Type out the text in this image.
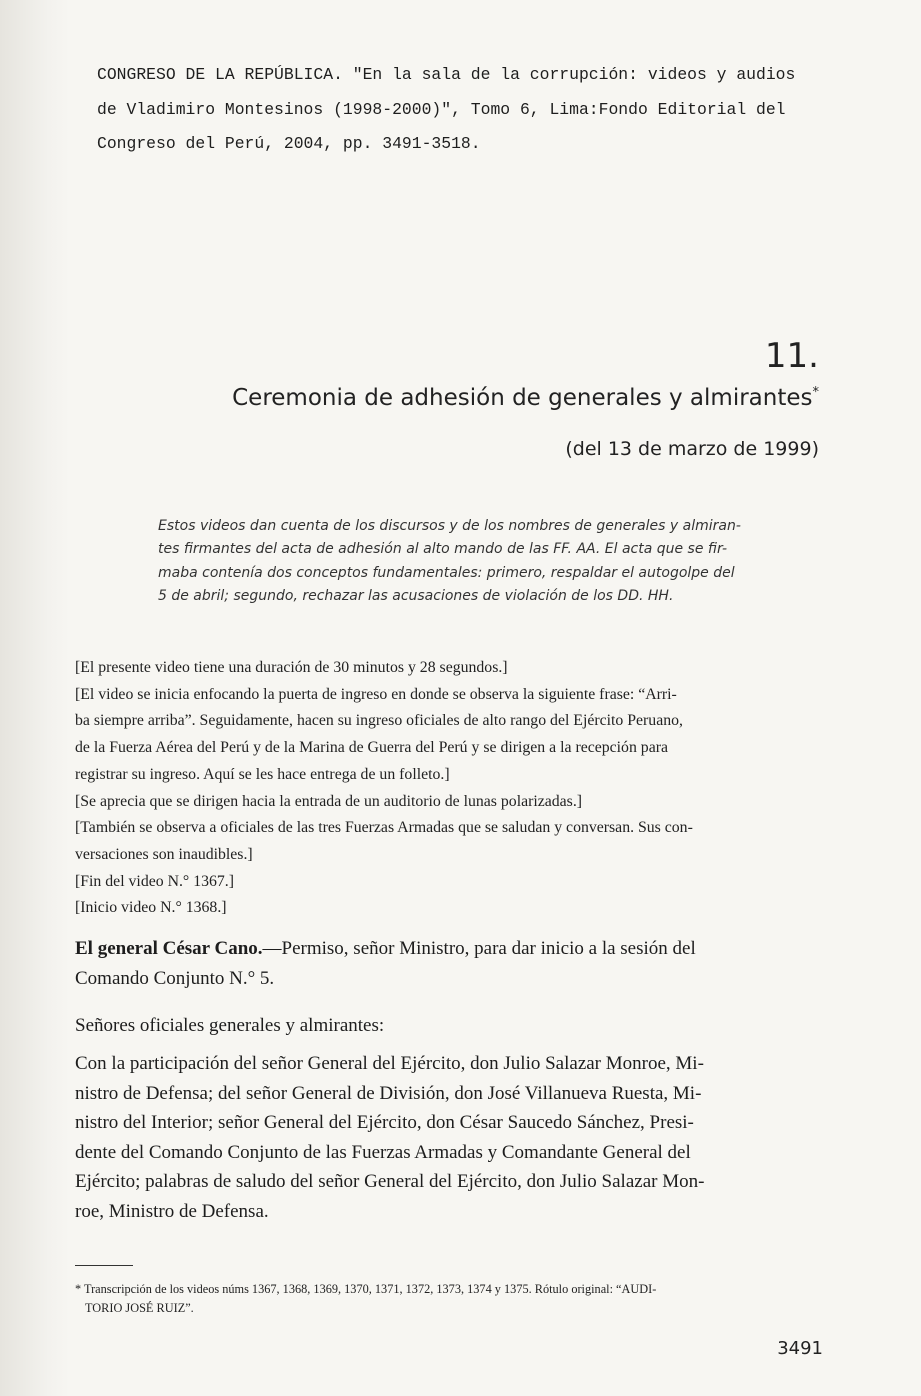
CONGRESO DE LA REPÚBLICA. "En la sala de la corrupción: videos y audios
de Vladimiro Montesinos (1998-2000)", Tomo 6, Lima:Fondo Editorial del
Congreso del Perú, 2004, pp. 3491-3518.
11.
Ceremonia de adhesión de generales y almirantes*
(del 13 de marzo de 1999)
Estos videos dan cuenta de los discursos y de los nombres de generales y almiran-
tes firmantes del acta de adhesión al alto mando de las FF. AA. El acta que se fir-
maba contenía dos conceptos fundamentales: primero, respaldar el autogolpe del
5 de abril; segundo, rechazar las acusaciones de violación de los DD. HH.
[El presente video tiene una duración de 30 minutos y 28 segundos.]
[El video se inicia enfocando la puerta de ingreso en donde se observa la siguiente frase: “Arri-
ba siempre arriba”. Seguidamente, hacen su ingreso oficiales de alto rango del Ejército Peruano,
de la Fuerza Aérea del Perú y de la Marina de Guerra del Perú y se dirigen a la recepción para
registrar su ingreso. Aquí se les hace entrega de un folleto.]
[Se aprecia que se dirigen hacia la entrada de un auditorio de lunas polarizadas.]
[También se observa a oficiales de las tres Fuerzas Armadas que se saludan y conversan. Sus con-
versaciones son inaudibles.]
[Fin del video N.° 1367.]
[Inicio video N.° 1368.]
El general César Cano.—Permiso, señor Ministro, para dar inicio a la sesión del
Comando Conjunto N.° 5.
Señores oficiales generales y almirantes:
Con la participación del señor General del Ejército, don Julio Salazar Monroe, Mi-
nistro de Defensa; del señor General de División, don José Villanueva Ruesta, Mi-
nistro del Interior; señor General del Ejército, don César Saucedo Sánchez, Presi-
dente del Comando Conjunto de las Fuerzas Armadas y Comandante General del
Ejército; palabras de saludo del señor General del Ejército, don Julio Salazar Mon-
roe, Ministro de Defensa.
* Transcripción de los videos núms 1367, 1368, 1369, 1370, 1371, 1372, 1373, 1374 y 1375. Rótulo original: “AUDI-
TORIO JOSÉ RUIZ”.
3491
